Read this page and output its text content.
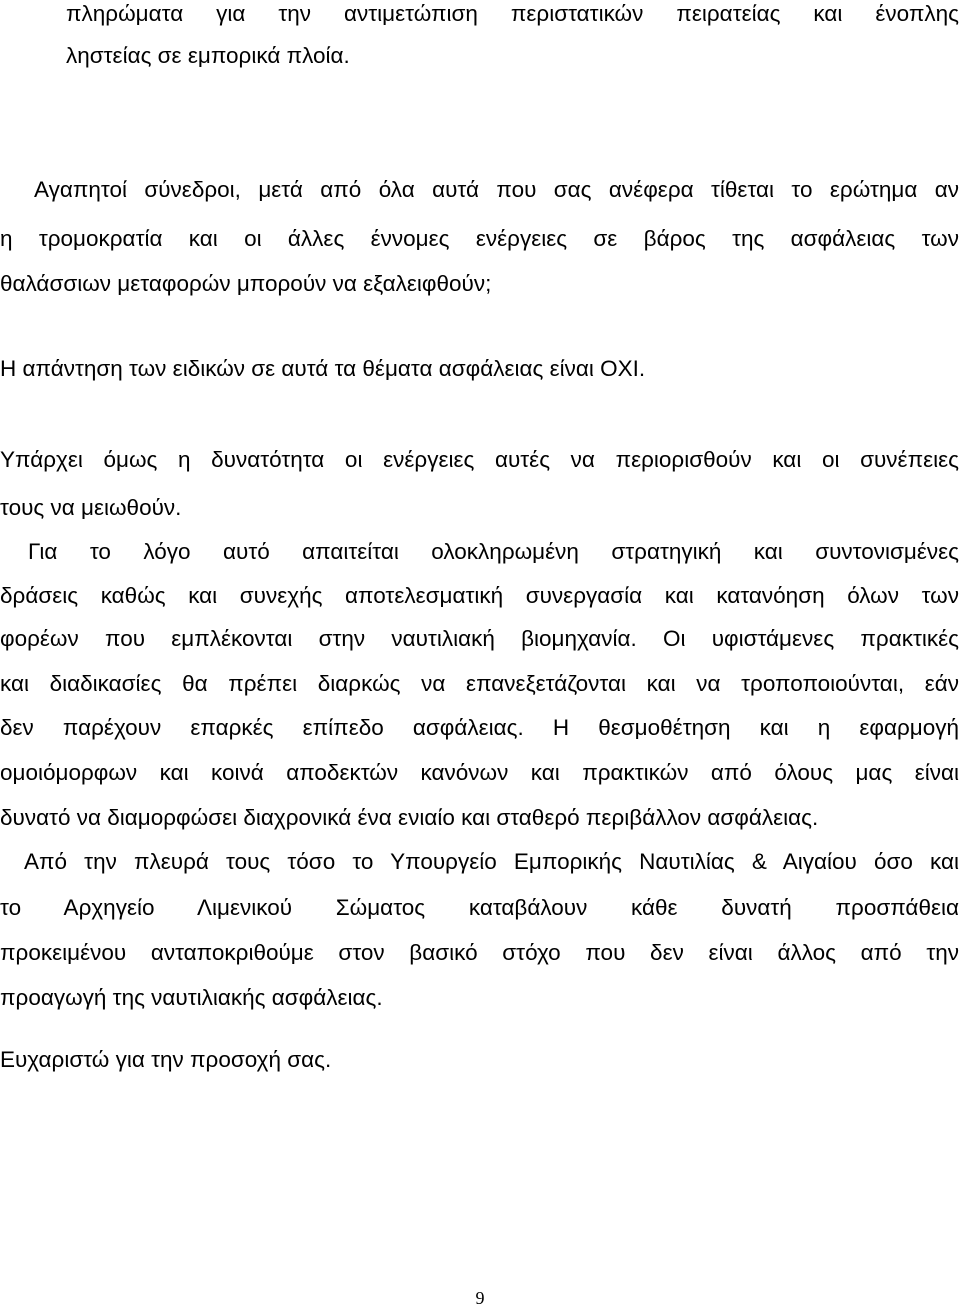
πληρώματα για την αντιμετώπιση περιστατικών πειρατείας και ένοπλης

ληστείας σε εμπορικά πλοία.

Αγαπητοί σύνεδροι, μετά από όλα αυτά που σας ανέφερα τίθεται το ερώτημα αν

η τρομοκρατία και οι άλλες έννομες ενέργειες σε βάρος της ασφάλειας των

θαλάσσιων μεταφορών μπορούν να εξαλειφθούν;

Η απάντηση των ειδικών σε αυτά τα θέματα ασφάλειας είναι ΟΧΙ.

Υπάρχει όμως η δυνατότητα οι ενέργειες αυτές να περιορισθούν και οι συνέπειες

τους να μειωθούν.

Για το λόγο αυτό απαιτείται ολοκληρωμένη στρατηγική και συντονισμένες

δράσεις καθώς και συνεχής αποτελεσματική συνεργασία και κατανόηση όλων των

φορέων που εμπλέκονται στην ναυτιλιακή βιομηχανία. Οι υφιστάμενες πρακτικές

και διαδικασίες θα πρέπει διαρκώς να επανεξετάζονται και να τροποποιούνται, εάν

δεν παρέχουν επαρκές επίπεδο ασφάλειας. Η θεσμοθέτηση και η εφαρμογή

ομοιόμορφων και κοινά αποδεκτών κανόνων και πρακτικών από όλους μας είναι

δυνατό να διαμορφώσει διαχρονικά ένα ενιαίο και σταθερό περιβάλλον ασφάλειας.

Από την πλευρά τους τόσο το Υπουργείο Εμπορικής Ναυτιλίας & Αιγαίου όσο και

το Αρχηγείο Λιμενικού Σώματος καταβάλουν κάθε δυνατή προσπάθεια

προκειμένου ανταποκριθούμε στον βασικό στόχο που δεν είναι άλλος από την

προαγωγή της ναυτιλιακής ασφάλειας.

Ευχαριστώ για την προσοχή σας.

9
